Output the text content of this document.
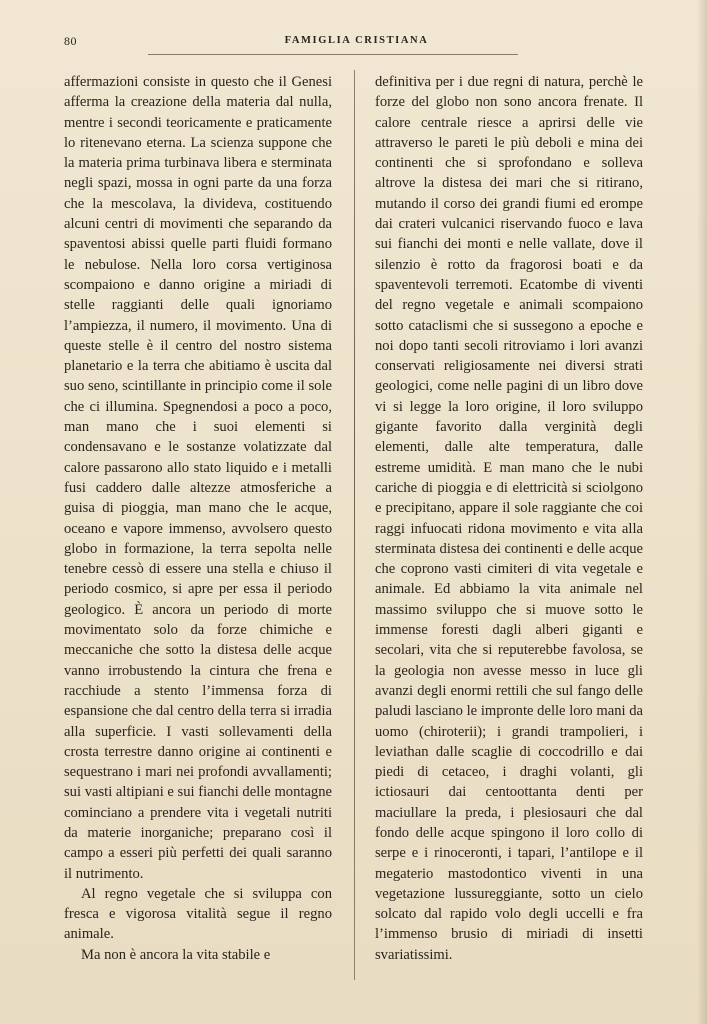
80	FAMIGLIA CRISTIANA

affermazioni consiste in questo che il Genesi afferma la creazione della materia dal nulla, mentre i secondi teoricamente e praticamente lo ritenevano eterna. La scienza suppone che la materia prima turbinava libera e sterminata negli spazi, mossa in ogni parte da una forza che la mescolava, la divideva, costituendo alcuni centri di movimenti che separando da spaventosi abissi quelle parti fluidi formano le nebulose. Nella loro corsa vertiginosa scompaiono e danno origine a miriadi di stelle raggianti delle quali ignoriamo l’ampiezza, il numero, il movimento. Una di queste stelle è il centro del nostro sistema planetario e la terra che abitiamo è uscita dal suo seno, scintillante in principio come il sole che ci illumina. Spegnendosi a poco a poco, man mano che i suoi elementi si condensavano e le sostanze volatizzate dal calore passarono allo stato liquido e i metalli fusi caddero dalle altezze atmosferiche a guisa di pioggia, man mano che le acque, oceano e vapore immenso, avvolsero questo globo in formazione, la terra sepolta nelle tenebre cessò di essere una stella e chiuso il periodo cosmico, si apre per essa il periodo geologico. È ancora un periodo di morte movimentato solo da forze chimiche e meccaniche che sotto la distesa delle acque vanno irrobustendo la cintura che frena e racchiude a stento l’immensa forza di espansione che dal centro della terra si irradia alla superficie. I vasti sollevamenti della crosta terrestre danno origine ai continenti e sequestrano i mari nei profondi avvallamenti; sui vasti altipiani e sui fianchi delle montagne cominciano a prendere vita i vegetali nutriti da materie inorganiche; preparano così il campo a esseri più perfetti dei quali saranno il nutrimento.

Al regno vegetale che si sviluppa con fresca e vigorosa vitalità segue il regno animale.

Ma non è ancora la vita stabile e

definitiva per i due regni di natura, perchè le forze del globo non sono ancora frenate. Il calore centrale riesce a aprirsi delle vie attraverso le pareti le più deboli e mina dei continenti che si sprofondano e solleva altrove la distesa dei mari che si ritirano, mutando il corso dei grandi fiumi ed erompe dai crateri vulcanici riservando fuoco e lava sui fianchi dei monti e nelle vallate, dove il silenzio è rotto da fragorosi boati e da spaventevoli terremoti. Ecatombe di viventi del regno vegetale e animali scompaiono sotto cataclismi che si sussegono a epoche e noi dopo tanti secoli ritroviamo i lori avanzi conservati religiosamente nei diversi strati geologici, come nelle pagini di un libro dove vi si legge la loro origine, il loro sviluppo gigante favorito dalla verginità degli elementi, dalle alte temperatura, dalle estreme umidità. E man mano che le nubi cariche di pioggia e di elettricità si sciolgono e precipitano, appare il sole raggiante che coi raggi infuocati ridona movimento e vita alla sterminata distesa dei continenti e delle acque che coprono vasti cimiteri di vita vegetale e animale. Ed abbiamo la vita animale nel massimo sviluppo che si muove sotto le immense foresti dagli alberi giganti e secolari, vita che si reputerebbe favolosa, se la geologia non avesse messo in luce gli avanzi degli enormi rettili che sul fango delle paludi lasciano le impronte delle loro mani da uomo (chiroterii); i grandi trampolieri, i leviathan dalle scaglie di coccodrillo e dai piedi di cetaceo, i draghi volanti, gli ictiosauri dai centoottanta denti per maciullare la preda, i plesiosauri che dal fondo delle acque spingono il loro collo di serpe e i rinoceronti, i tapari, l’antilope e il megaterio mastodontico viventi in una vegetazione lussureggiante, sotto un cielo solcato dal rapido volo degli uccelli e fra l’immenso brusio di miriadi di insetti svariatissimi.
